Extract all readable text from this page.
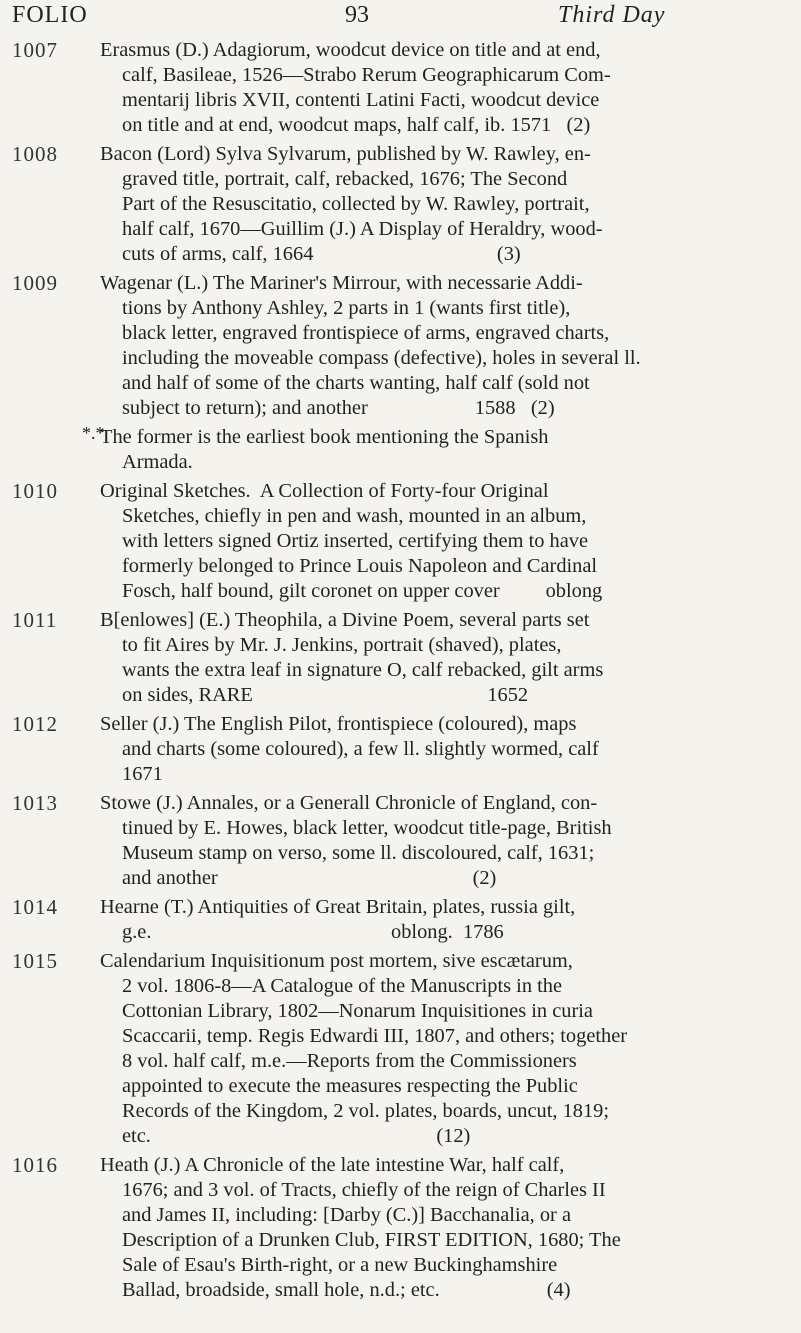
FOLIO	93	Third Day
1007 Erasmus (D.) Adagiorum, woodcut device on title and at end,
calf, Basileae, 1526—Strabo Rerum Geographicarum Com-
mentarij libris XVII, contenti Latini Facti, woodcut device
on title and at end, woodcut maps, half calf, ib. 1571   (2)
1008 Bacon (Lord) Sylva Sylvarum, published by W. Rawley, en-
graved title, portrait, calf, rebacked, 1676; The Second
Part of the Resuscitatio, collected by W. Rawley, portrait,
half calf, 1670—Guillim (J.) A Display of Heraldry, wood-
cuts of arms, calf, 1664                                    (3)
1009 Wagenar (L.) The Mariner's Mirrour, with necessarie Addi-
tions by Anthony Ashley, 2 parts in 1 (wants first title),
black letter, engraved frontispiece of arms, engraved charts,
including the moveable compass (defective), holes in several ll.
and half of some of the charts wanting, half calf (sold not
subject to return); and another                     1588   (2)
*.*
The former is the earliest book mentioning the Spanish
Armada.
1010 Original Sketches.  A Collection of Forty-four Original
Sketches, chiefly in pen and wash, mounted in an album,
with letters signed Ortiz inserted, certifying them to have
formerly belonged to Prince Louis Napoleon and Cardinal
Fosch, half bound, gilt coronet on upper cover         oblong
1011 B[enlowes] (E.) Theophila, a Divine Poem, several parts set
to fit Aires by Mr. J. Jenkins, portrait (shaved), plates,
wants the extra leaf in signature O, calf rebacked, gilt arms
on sides, RARE                                              1652
1012 Seller (J.) The English Pilot, frontispiece (coloured), maps
and charts (some coloured), a few ll. slightly wormed, calf
1671
1013 Stowe (J.) Annales, or a Generall Chronicle of England, con-
tinued by E. Howes, black letter, woodcut title-page, British
Museum stamp on verso, some ll. discoloured, calf, 1631;
and another                                                  (2)
1014 Hearne (T.) Antiquities of Great Britain, plates, russia gilt,
g.e.                                               oblong.  1786
1015 Calendarium Inquisitionum post mortem, sive escætarum,
2 vol. 1806-8—A Catalogue of the Manuscripts in the
Cottonian Library, 1802—Nonarum Inquisitiones in curia
Scaccarii, temp. Regis Edwardi III, 1807, and others; together
8 vol. half calf, m.e.—Reports from the Commissioners
appointed to execute the measures respecting the Public
Records of the Kingdom, 2 vol. plates, boards, uncut, 1819;
etc.                                                        (12)
1016 Heath (J.) A Chronicle of the late intestine War, half calf,
1676; and 3 vol. of Tracts, chiefly of the reign of Charles II
and James II, including: [Darby (C.)] Bacchanalia, or a
Description of a Drunken Club, FIRST EDITION, 1680; The
Sale of Esau's Birth-right, or a new Buckinghamshire
Ballad, broadside, small hole, n.d.; etc.                     (4)
